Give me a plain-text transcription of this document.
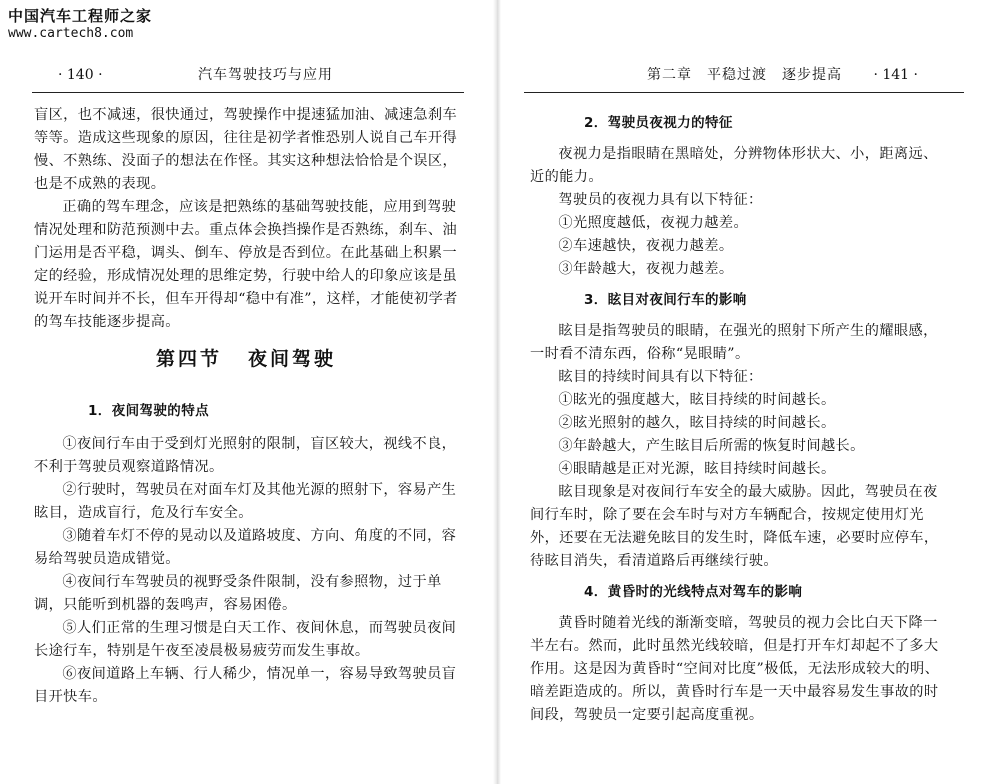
· 140 ·	汽车驾驶技巧与应用

盲区，也不减速，很快通过，驾驶操作中提速猛加油、减速急刹车等等。造成这些现象的原因，往往是初学者惟恐别人说自己车开得慢、不熟练、没面子的想法在作怪。其实这种想法恰恰是个误区，也是不成熟的表现。

正确的驾车理念，应该是把熟练的基础驾驶技能，应用到驾驶情况处理和防范预测中去。重点体会换挡操作是否熟练，刹车、油门运用是否平稳，调头、倒车、停放是否到位。在此基础上积累一定的经验，形成情况处理的思维定势，行驶中给人的印象应该是虽说开车时间并不长，但车开得却“稳中有准”，这样，才能使初学者的驾车技能逐步提高。

第四节 夜间驾驶

1．夜间驾驶的特点

①夜间行车由于受到灯光照射的限制，盲区较大，视线不良，不利于驾驶员观察道路情况。

②行驶时，驾驶员在对面车灯及其他光源的照射下，容易产生眩目，造成盲行，危及行车安全。

③随着车灯不停的晃动以及道路坡度、方向、角度的不同，容易给驾驶员造成错觉。

④夜间行车驾驶员的视野受条件限制，没有参照物，过于单调，只能听到机器的轰鸣声，容易困倦。

⑤人们正常的生理习惯是白天工作、夜间休息，而驾驶员夜间长途行车，特别是午夜至凌晨极易疲劳而发生事故。

⑥夜间道路上车辆、行人稀少，情况单一，容易导致驾驶员盲目开快车。

第二章　平稳过渡　逐步提高 · 141 ·

2．驾驶员夜视力的特征

夜视力是指眼睛在黑暗处，分辨物体形状大、小，距离远、近的能力。

驾驶员的夜视力具有以下特征：

①光照度越低，夜视力越差。

②车速越快，夜视力越差。

③年龄越大，夜视力越差。

3．眩目对夜间行车的影响

眩目是指驾驶员的眼睛，在强光的照射下所产生的耀眼感，一时看不清东西，俗称“晃眼睛”。

眩目的持续时间具有以下特征：

①眩光的强度越大，眩目持续的时间越长。

②眩光照射的越久，眩目持续的时间越长。

③年龄越大，产生眩目后所需的恢复时间越长。

④眼睛越是正对光源，眩目持续时间越长。

眩目现象是对夜间行车安全的最大威胁。因此，驾驶员在夜间行车时，除了要在会车时与对方车辆配合，按规定使用灯光外，还要在无法避免眩目的发生时，降低车速，必要时应停车，待眩目消失，看清道路后再继续行驶。

4．黄昏时的光线特点对驾车的影响

黄昏时随着光线的渐渐变暗，驾驶员的视力会比白天下降一半左右。然而，此时虽然光线较暗，但是打开车灯却起不了多大作用。这是因为黄昏时“空间对比度”极低，无法形成较大的明、暗差距造成的。所以，黄昏时行车是一天中最容易发生事故的时间段，驾驶员一定要引起高度重视。

中国汽车工程师之家
www.cartech8.com
